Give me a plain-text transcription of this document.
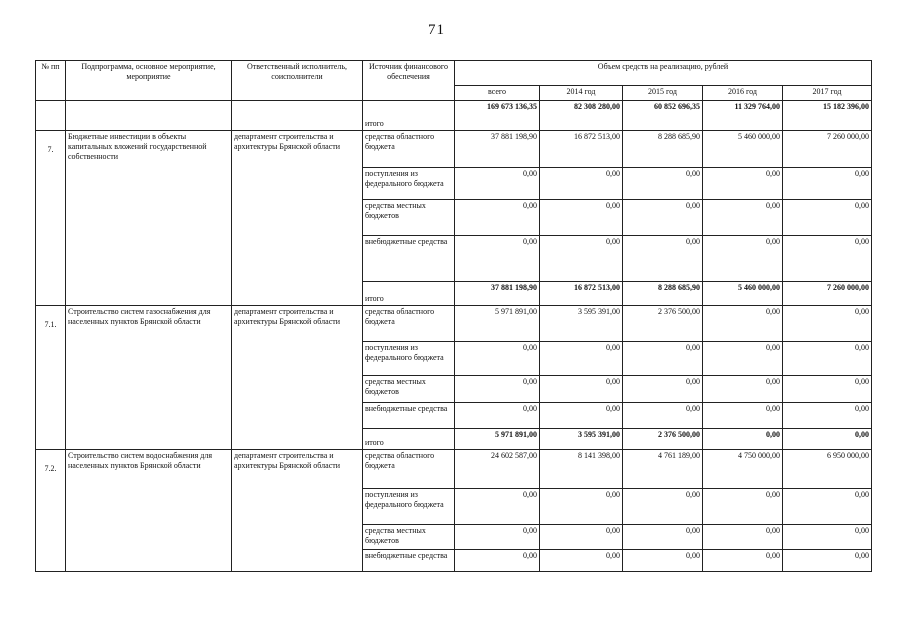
71
№ пп	Подпрограмма, основное мероприятие, мероприятие	Ответственный исполнитель, соисполнители	Источник финансового обеспечения	Объем средств на реализацию, рублей				
				всего	2014 год	2015 год	2016 год	2017 год
			итого	169 673 136,35	82 308 280,00	60 852 696,35	11 329 764,00	15 182 396,00
7.	Бюджетные инвестиции в объекты капитальных вложений государственной собственности	департамент строительства и архитектуры Брянской области	средства областного бюджета	37 881 198,90	16 872 513,00	8 288 685,90	5 460 000,00	7 260 000,00
			поступления из федерального бюджета	0,00	0,00	0,00	0,00	0,00
			средства местных бюджетов	0,00	0,00	0,00	0,00	0,00
			внебюджетные средства	0,00	0,00	0,00	0,00	0,00
			итого	37 881 198,90	16 872 513,00	8 288 685,90	5 460 000,00	7 260 000,00
7.1.	Строительство систем газоснабжения для населенных пунктов Брянской области	департамент строительства и архитектуры Брянской области	средства областного бюджета	5 971 891,00	3 595 391,00	2 376 500,00	0,00	0,00
			поступления из федерального бюджета	0,00	0,00	0,00	0,00	0,00
			средства местных бюджетов	0,00	0,00	0,00	0,00	0,00
			внебюджетные средства	0,00	0,00	0,00	0,00	0,00
			итого	5 971 891,00	3 595 391,00	2 376 500,00	0,00	0,00
7.2.	Строительство систем водоснабжения для населенных пунктов Брянской области	департамент строительства и архитектуры Брянской области	средства областного бюджета	24 602 587,00	8 141 398,00	4 761 189,00	4 750 000,00	6 950 000,00
			поступления из федерального бюджета	0,00	0,00	0,00	0,00	0,00
			средства местных бюджетов	0,00	0,00	0,00	0,00	0,00
			внебюджетные средства	0,00	0,00	0,00	0,00	0,00
